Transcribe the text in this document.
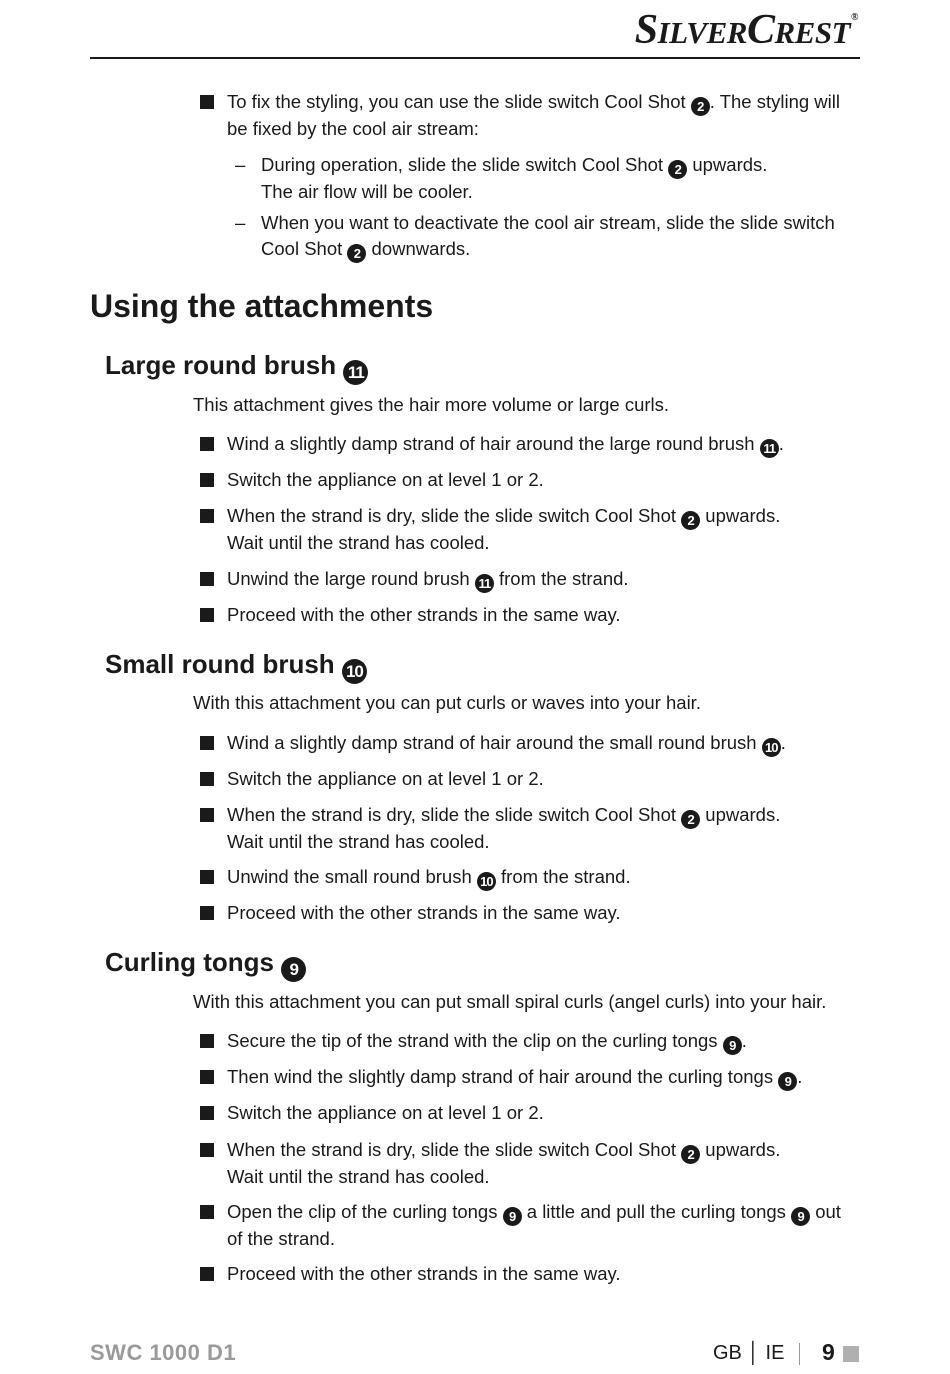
SILVERCREST®
To fix the styling, you can use the slide switch Cool Shot 2 . The styling will
be fixed by the cool air stream:
– During operation, slide the slide switch Cool Shot 2 upwards.
The air flow will be cooler.
– When you want to deactivate the cool air stream, slide the slide switch
Cool Shot 2 downwards.
Using the attachments
Large round brush 11
This attachment gives the hair more volume or large curls.
Wind a slightly damp strand of hair around the large round brush 11 .
Switch the appliance on at level 1 or 2.
When the strand is dry, slide the slide switch Cool Shot 2 upwards.
Wait until the strand has cooled.
Unwind the large round brush 11 from the strand.
Proceed with the other strands in the same way.
Small round brush 10
With this attachment you can put curls or waves into your hair.
Wind a slightly damp strand of hair around the small round brush 10 .
Switch the appliance on at level 1 or 2.
When the strand is dry, slide the slide switch Cool Shot 2 upwards.
Wait until the strand has cooled.
Unwind the small round brush 10 from the strand.
Proceed with the other strands in the same way.
Curling tongs 9
With this attachment you can put small spiral curls (angel curls) into your hair.
Secure the tip of the strand with the clip on the curling tongs 9 .
Then wind the slightly damp strand of hair around the curling tongs 9 .
Switch the appliance on at level 1 or 2.
When the strand is dry, slide the slide switch Cool Shot 2 upwards.
Wait until the strand has cooled.
Open the clip of the curling tongs 9 a little and pull the curling tongs 9 out
of the strand.
Proceed with the other strands in the same way.
SWC 1000 D1	GB │ IE 9
